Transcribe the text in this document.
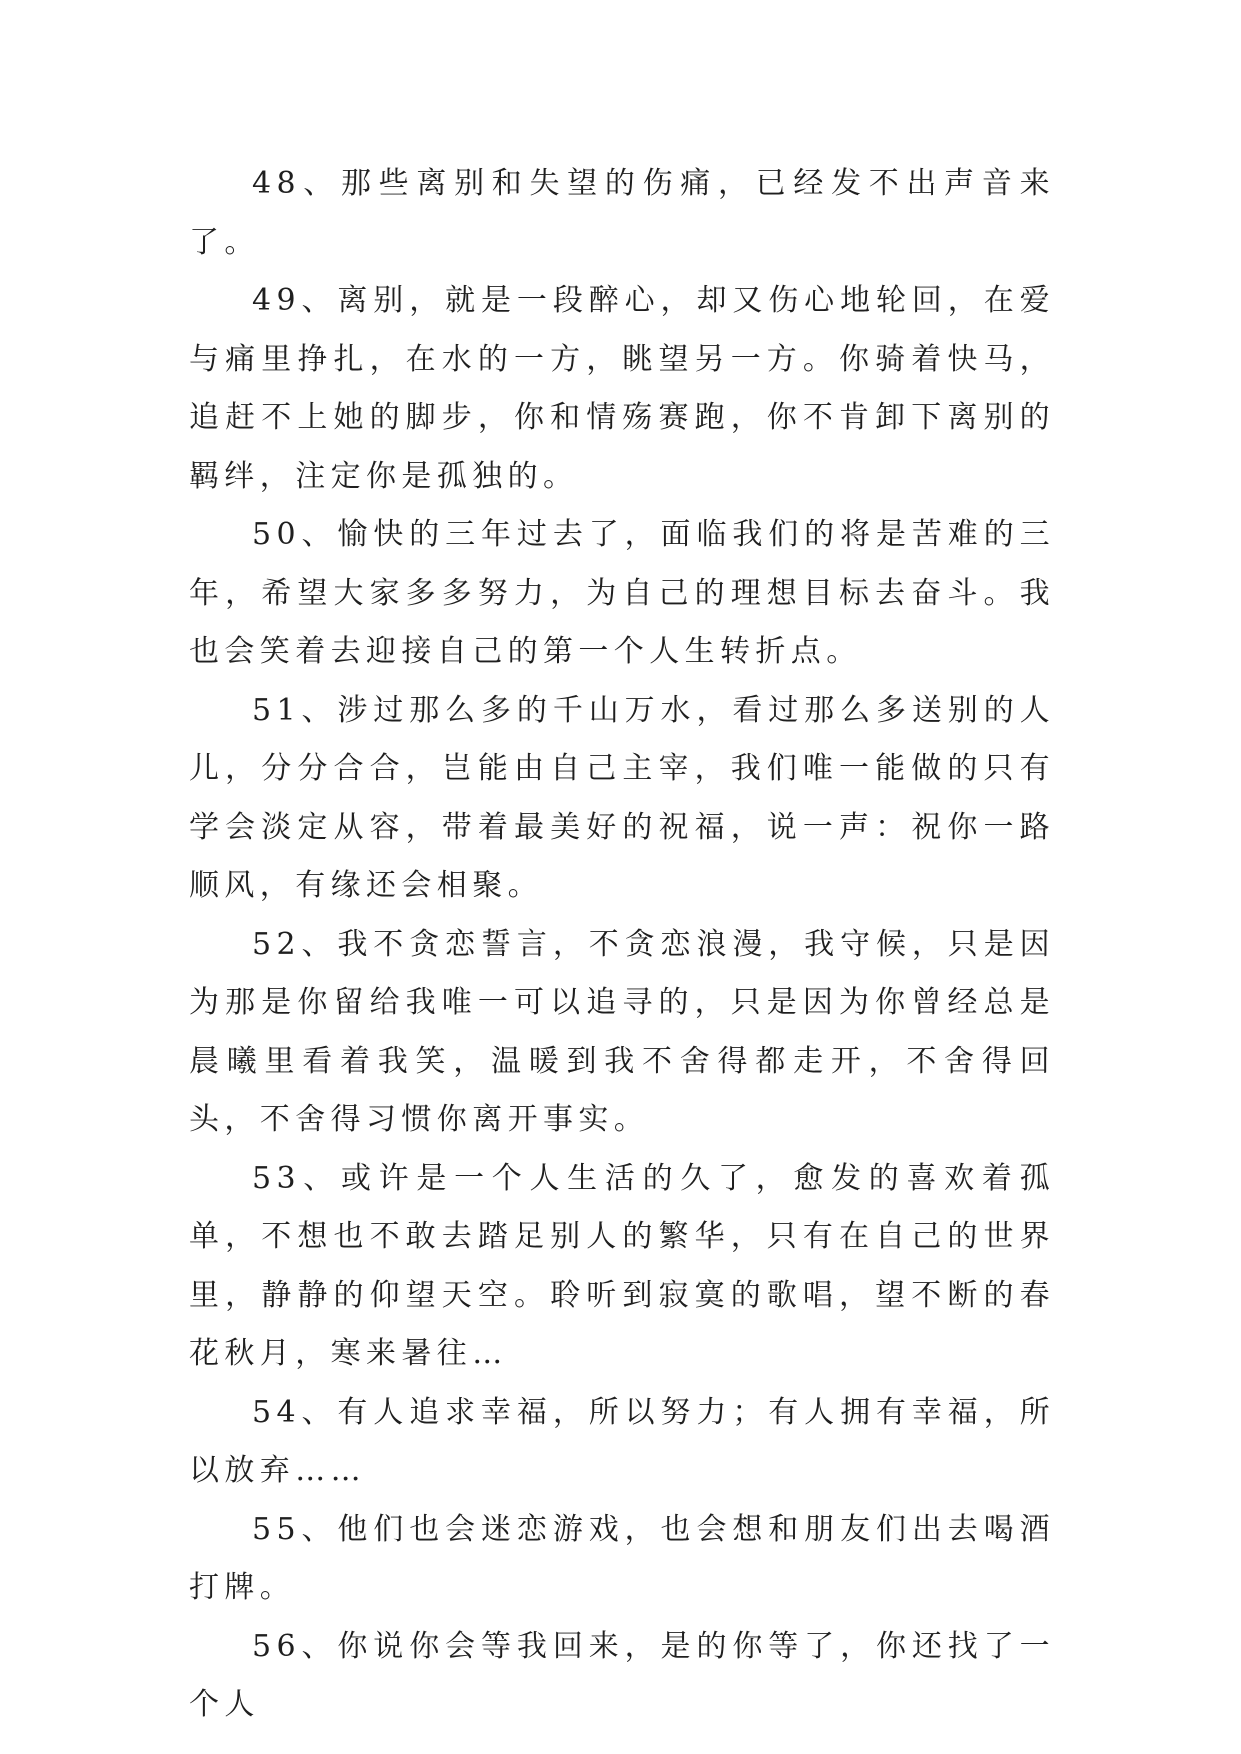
48、那些离别和失望的伤痛，已经发不出声音来了。

49、离别，就是一段醉心，却又伤心地轮回，在爱与痛里挣扎，在水的一方，眺望另一方。你骑着快马，追赶不上她的脚步，你和情殇赛跑，你不肯卸下离别的羁绊，注定你是孤独的。

50、愉快的三年过去了，面临我们的将是苦难的三年，希望大家多多努力，为自己的理想目标去奋斗。我也会笑着去迎接自己的第一个人生转折点。

51、涉过那么多的千山万水，看过那么多送别的人儿，分分合合，岂能由自己主宰，我们唯一能做的只有学会淡定从容，带着最美好的祝福，说一声：祝你一路顺风，有缘还会相聚。

52、我不贪恋誓言，不贪恋浪漫，我守候，只是因为那是你留给我唯一可以追寻的，只是因为你曾经总是晨曦里看着我笑，温暖到我不舍得都走开，不舍得回头，不舍得习惯你离开事实。

53、或许是一个人生活的久了，愈发的喜欢着孤单，不想也不敢去踏足别人的繁华，只有在自己的世界里，静静的仰望天空。聆听到寂寞的歌唱，望不断的春花秋月，寒来暑往…

54、有人追求幸福，所以努力；有人拥有幸福，所以放弃……

55、他们也会迷恋游戏，也会想和朋友们出去喝酒打牌。

56、你说你会等我回来，是的你等了，你还找了一个人
